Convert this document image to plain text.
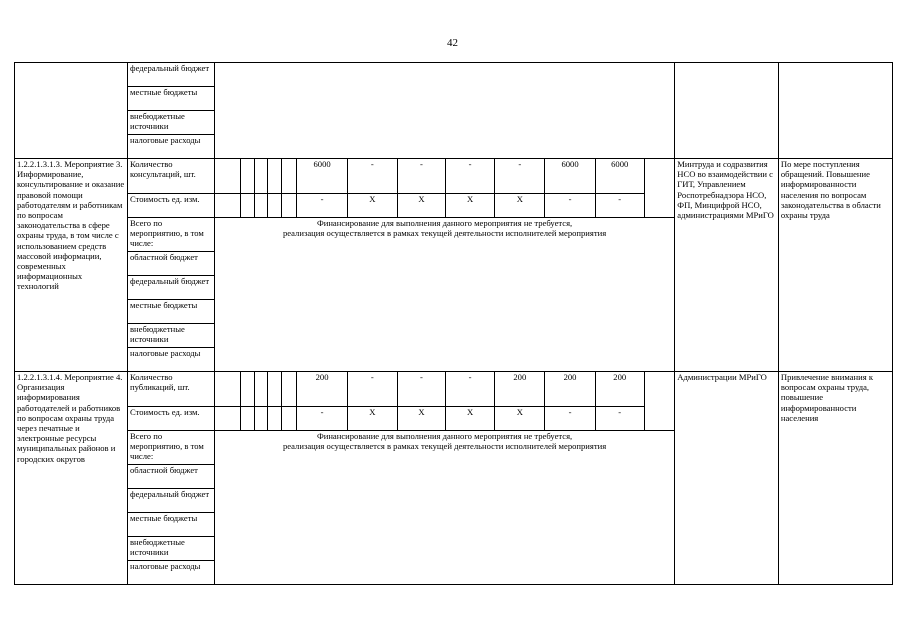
42
	федеральный бюджет															
	местные бюджеты															
	внебюджетные источники															
	налоговые расходы															
1.2.2.1.3.1.3. Мероприятие 3. Информирование, консультирование и оказание правовой помощи работодателям и работникам по вопросам законодательства в сфере охраны труда, в том числе с использованием средств массовой информации, современных информационных технологий	Количество консультаций, шт.						6000	-	-	-	-	6000	6000		Минтруда и содразвития НСО во взаимодействии с ГИТ, Управлением Роспотребнадзора НСО, ФП, Минцифрой НСО, администрациями МРиГО	По мере поступления обращений. Повышение информированности населения по вопросам законодательства в области охраны труда
	Стоимость ед. изм.						-	X	X	X	X	-	-			
	Всего по мероприятию, в том числе:	Финансирование для выполнения данного мероприятия не требуется,
реализация осуществляется в рамках текущей деятельности исполнителей мероприятия														

	областной бюджет															
	федеральный бюджет															
	местные бюджеты															
	внебюджетные источники															
	налоговые расходы															
1.2.2.1.3.1.4. Мероприятие 4. Организация информирования работодателей и работников по вопросам охраны труда через печатные и электронные ресурсы муниципальных районов и городских округов	Количество публикаций, шт.						200	-	-	-	200	200	200		Администрации МРиГО	Привлечение внимания к вопросам охраны труда, повышение информированности населения
	Стоимость ед. изм.						-	X	X	X	X	-	-			
	Всего по мероприятию, в том числе:	Финансирование для выполнения данного мероприятия не требуется,
реализация осуществляется в рамках текущей деятельности исполнителей мероприятия														

	областной бюджет															
	федеральный бюджет															
	местные бюджеты															
	внебюджетные источники															
	налоговые расходы															
